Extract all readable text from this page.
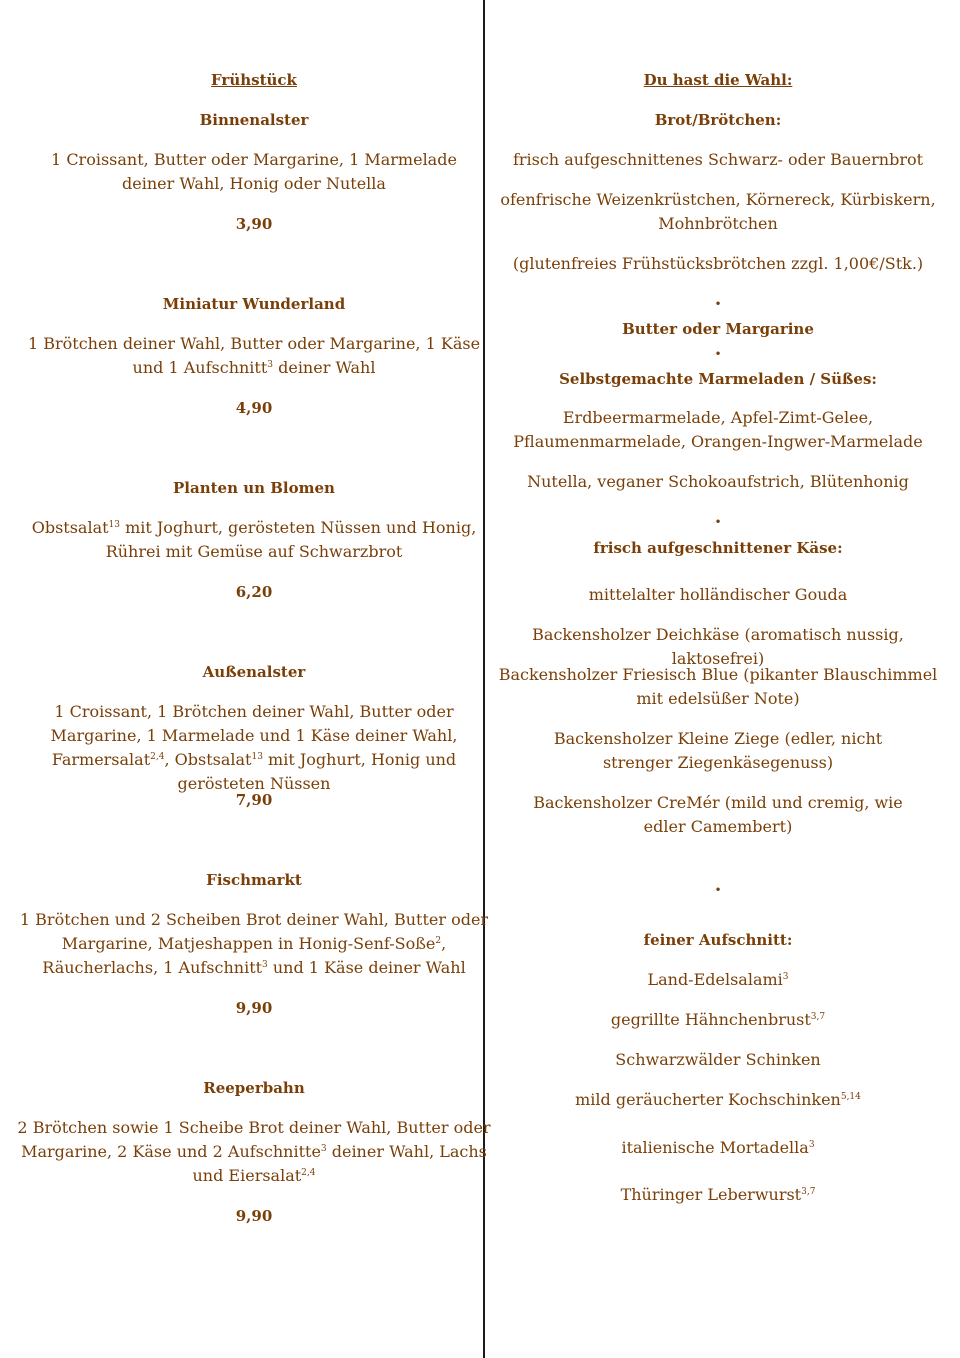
Frühstück

Binnenalster

1 Croissant, Butter oder Margarine, 1 Marmelade deiner Wahl, Honig oder Nutella

3,90

Miniatur Wunderland

1 Brötchen deiner Wahl, Butter oder Margarine, 1 Käse und 1 Aufschnitt$^3$ deiner Wahl

4,90

Planten un Blomen

Obstsalat$^{13}$ mit Joghurt, gerösteten Nüssen und Honig, Rührei mit Gemüse auf Schwarzbrot

6,20

Außenalster

1 Croissant, 1 Brötchen deiner Wahl, Butter oder Margarine, 1 Marmelade und 1 Käse deiner Wahl, Farmersalat$^{2,4}$, Obstsalat$^{13}$ mit Joghurt, Honig und gerösteten Nüssen

7,90

Fischmarkt

1 Brötchen und 2 Scheiben Brot deiner Wahl, Butter oder Margarine, Matjeshappen in Honig-Senf-Soße$^2$, Räucherlachs, 1 Aufschnitt$^3$ und 1 Käse deiner Wahl

9,90

Reeperbahn

2 Brötchen sowie 1 Scheibe Brot deiner Wahl, Butter oder Margarine, 2 Käse und 2 Aufschnitte$^3$ deiner Wahl, Lachs und Eiersalat$^{2,4}$

9,90

Du hast die Wahl:

Brot/Brötchen:

frisch aufgeschnittenes Schwarz- oder Bauernbrot

ofenfrische Weizenkrüstchen, Körnereck, Kürbiskern, Mohnbrötchen

(glutenfreies Frühstücksbrötchen zzgl. 1,00€/Stk.)

•

Butter oder Margarine

•

Selbstgemachte Marmeladen / Süßes:

Erdbeermarmelade, Apfel-Zimt-Gelee, Pflaumenmarmelade, Orangen-Ingwer-Marmelade

Nutella, veganer Schokoaufstrich, Blütenhonig

•

frisch aufgeschnittener Käse:

mittelalter holländischer Gouda

Backensholzer Deichkäse (aromatisch nussig, laktosefrei)

Backensholzer Friesisch Blue (pikanter Blauschimmel mit edelsüßer Note)

Backensholzer Kleine Ziege (edler, nicht strenger Ziegenkäsegenuss)

Backensholzer CreMér (mild und cremig, wie edler Camembert)

•

feiner Aufschnitt:

Land-Edelsalami$^3$

gegrillte Hähnchenbrust$^{3,7}$

Schwarzwälder Schinken

mild geräucherter Kochschinken$^{5,14}$

italienische Mortadella$^3$

Thüringer Leberwurst$^{3,7}$
